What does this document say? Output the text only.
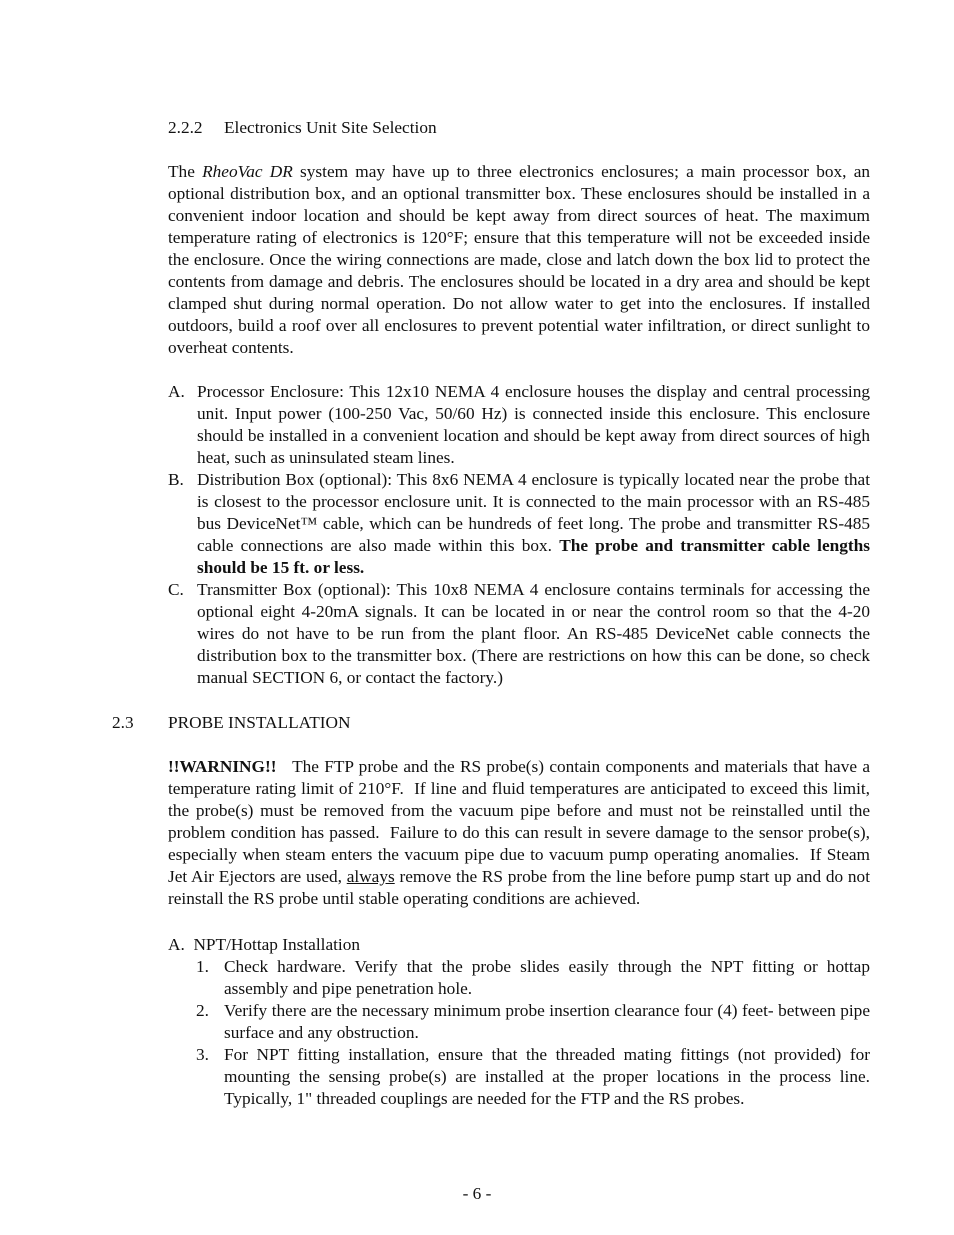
2.2.2 Electronics Unit Site Selection

The RheoVac DR system may have up to three electronics enclosures; a main processor box, an optional distribution box, and an optional transmitter box. These enclosures should be installed in a convenient indoor location and should be kept away from direct sources of heat. The maximum temperature rating of electronics is 120°F; ensure that this temperature will not be exceeded inside the enclosure. Once the wiring connections are made, close and latch down the box lid to protect the contents from damage and debris. The enclosures should be located in a dry area and should be kept clamped shut during normal operation. Do not allow water to get into the enclosures. If installed outdoors, build a roof over all enclosures to prevent potential water infiltration, or direct sunlight to overheat contents.

A. Processor Enclosure: This 12x10 NEMA 4 enclosure houses the display and central processing unit. Input power (100-250 Vac, 50/60 Hz) is connected inside this enclosure. This enclosure should be installed in a convenient location and should be kept away from direct sources of high heat, such as uninsulated steam lines.

B. Distribution Box (optional): This 8x6 NEMA 4 enclosure is typically located near the probe that is closest to the processor enclosure unit. It is connected to the main processor with an RS-485 bus DeviceNet™ cable, which can be hundreds of feet long. The probe and transmitter RS-485 cable connections are also made within this box. The probe and transmitter cable lengths should be 15 ft. or less.

C. Transmitter Box (optional): This 10x8 NEMA 4 enclosure contains terminals for accessing the optional eight 4-20mA signals. It can be located in or near the control room so that the 4-20 wires do not have to be run from the plant floor. An RS-485 DeviceNet cable connects the distribution box to the transmitter box. (There are restrictions on how this can be done, so check manual SECTION 6, or contact the factory.)

2.3 PROBE INSTALLATION

!!WARNING!!   The FTP probe and the RS probe(s) contain components and materials that have a temperature rating limit of 210°F.  If line and fluid temperatures are anticipated to exceed this limit, the probe(s) must be removed from the vacuum pipe before and must not be reinstalled until the problem condition has passed.  Failure to do this can result in severe damage to the sensor probe(s), especially when steam enters the vacuum pipe due to vacuum pump operating anomalies.  If Steam Jet Air Ejectors are used, always remove the RS probe from the line before pump start up and do not reinstall the RS probe until stable operating conditions are achieved.

A. NPT/Hottap Installation
1. Check hardware. Verify that the probe slides easily through the NPT fitting or hottap assembly and pipe penetration hole.

2. Verify there are the necessary minimum probe insertion clearance four (4) feet- between pipe surface and any obstruction.

3. For NPT fitting installation, ensure that the threaded mating fittings (not provided) for mounting the sensing probe(s) are installed at the proper locations in the process line. Typically, 1" threaded couplings are needed for the FTP and the RS probes.

- 6 -
